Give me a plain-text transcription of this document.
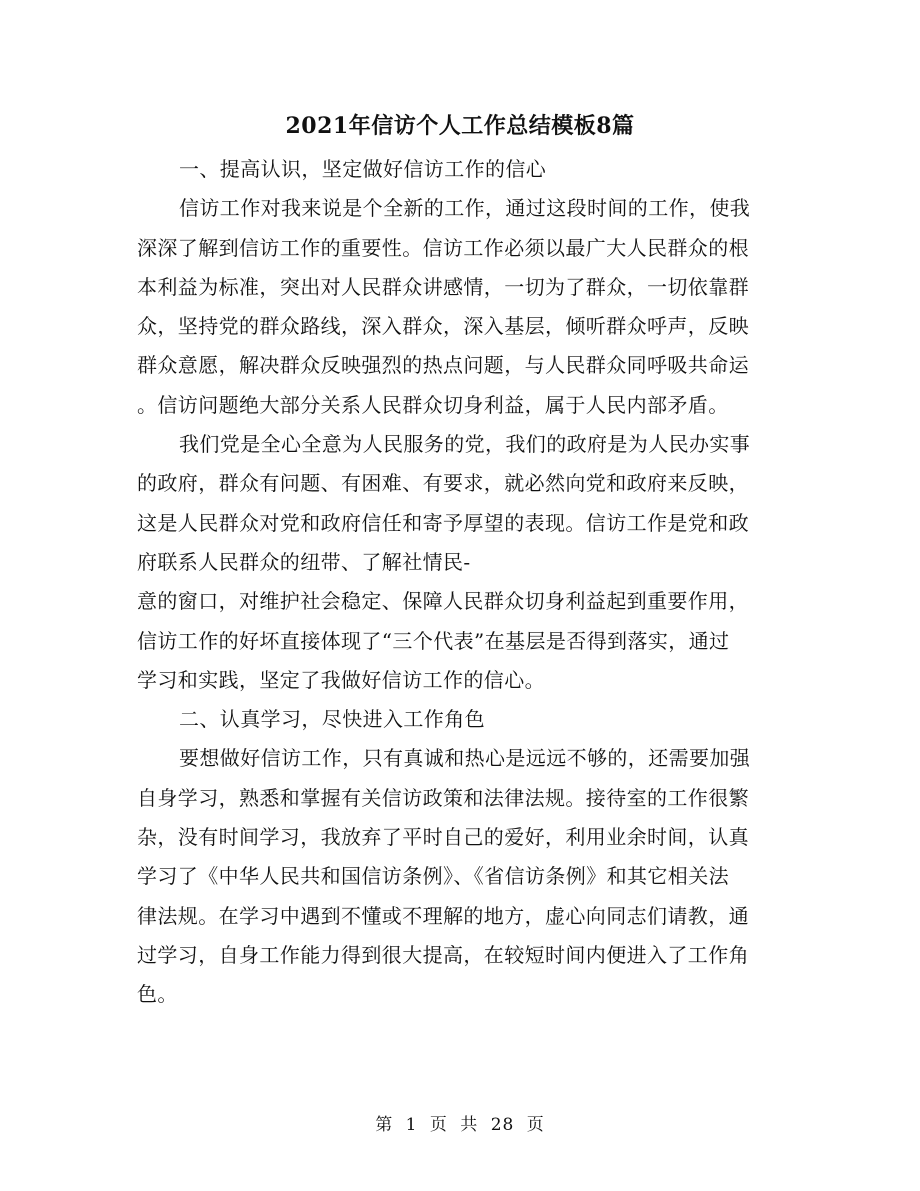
2021年信访个人工作总结模板8篇
一、提高认识，坚定做好信访工作的信心
信访工作对我来说是个全新的工作，通过这段时间的工作，使我
深深了解到信访工作的重要性。信访工作必须以最广大人民群众的根
本利益为标准，突出对人民群众讲感情，一切为了群众，一切依靠群
众，坚持党的群众路线，深入群众，深入基层，倾听群众呼声，反映
群众意愿，解决群众反映强烈的热点问题，与人民群众同呼吸共命运
。信访问题绝大部分关系人民群众切身利益，属于人民内部矛盾。
我们党是全心全意为人民服务的党，我们的政府是为人民办实事
的政府，群众有问题、有困难、有要求，就必然向党和政府来反映，
这是人民群众对党和政府信任和寄予厚望的表现。信访工作是党和政
府联系人民群众的纽带、了解社情民-
意的窗口，对维护社会稳定、保障人民群众切身利益起到重要作用，
信访工作的好坏直接体现了“三个代表”在基层是否得到落实，通过
学习和实践，坚定了我做好信访工作的信心。
二、认真学习，尽快进入工作角色
要想做好信访工作，只有真诚和热心是远远不够的，还需要加强
自身学习，熟悉和掌握有关信访政策和法律法规。接待室的工作很繁
杂，没有时间学习，我放弃了平时自己的爱好，利用业余时间，认真
学习了《中华人民共和国信访条例》、《省信访条例》和其它相关法
律法规。在学习中遇到不懂或不理解的地方，虚心向同志们请教，通
过学习，自身工作能力得到很大提高，在较短时间内便进入了工作角
色。
第 1 页 共 28 页
